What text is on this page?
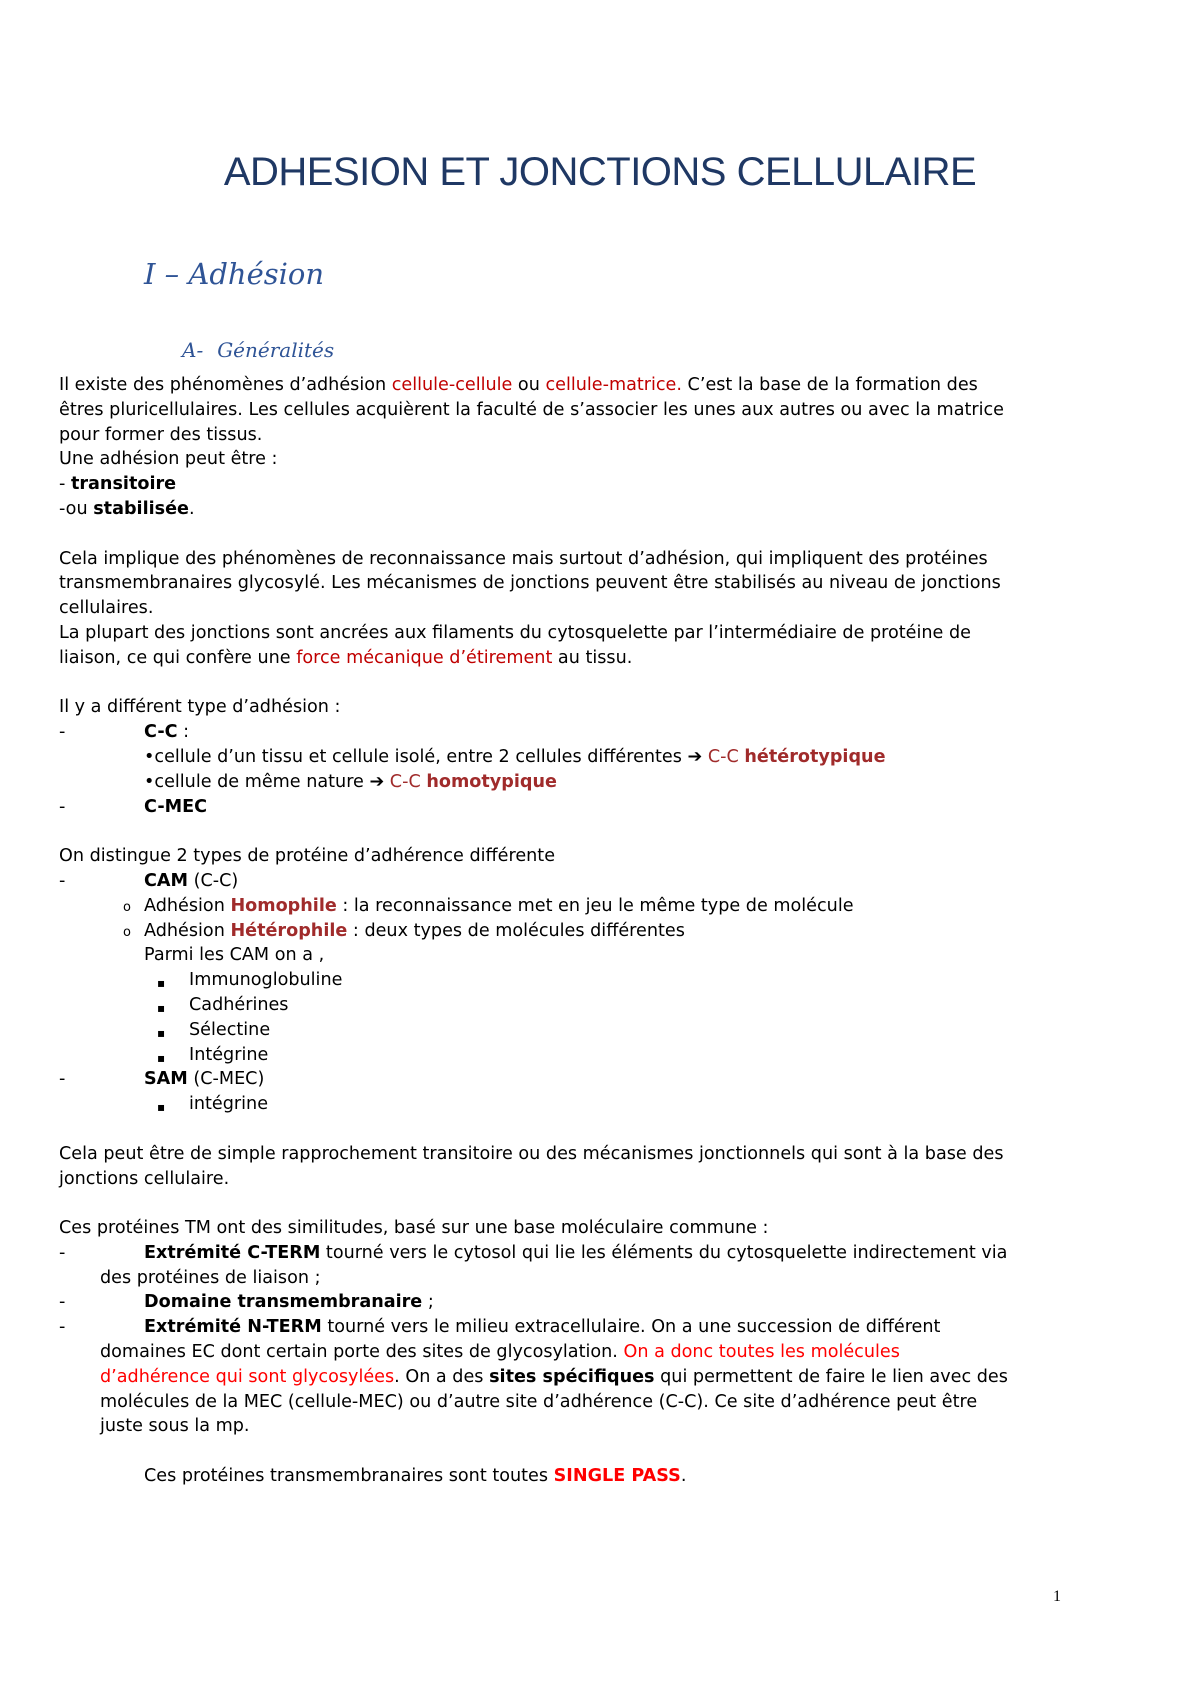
ADHESION ET JONCTIONS CELLULAIRE
I – Adhésion
A- Généralités
Il existe des phénomènes d’adhésion cellule-cellule ou cellule-matrice. C’est la base de la formation des
êtres pluricellulaires. Les cellules acquièrent la faculté de s’associer les unes aux autres ou avec la matrice
pour former des tissus.
Une adhésion peut être :
- transitoire
-ou stabilisée.
Cela implique des phénomènes de reconnaissance mais surtout d’adhésion, qui impliquent des protéines
transmembranaires glycosylé. Les mécanismes de jonctions peuvent être stabilisés au niveau de jonctions
cellulaires.
La plupart des jonctions sont ancrées aux filaments du cytosquelette par l’intermédiaire de protéine de
liaison, ce qui confère une force mécanique d’étirement au tissu.
Il y a différent type d’adhésion :
-	C-C :
•cellule d’un tissu et cellule isolé, entre 2 cellules différentes ➔ C-C hétérotypique
•cellule de même nature ➔ C-C homotypique
-	C-MEC
On distingue 2 types de protéine d’adhérence différente
-	CAM (C-C)
o Adhésion Homophile : la reconnaissance met en jeu le même type de molécule
o Adhésion Hétérophile : deux types de molécules différentes
Parmi les CAM on a ,
▪ Immunoglobuline
▪ Cadhérines
▪ Sélectine
▪ Intégrine
-	SAM (C-MEC)
▪ intégrine
Cela peut être de simple rapprochement transitoire ou des mécanismes jonctionnels qui sont à la base des
jonctions cellulaire.
Ces protéines TM ont des similitudes, basé sur une base moléculaire commune :
-	Extrémité C-TERM tourné vers le cytosol qui lie les éléments du cytosquelette indirectement via
des protéines de liaison ;
-	Domaine transmembranaire ;
-	Extrémité N-TERM tourné vers le milieu extracellulaire. On a une succession de différent
domaines EC dont certain porte des sites de glycosylation. On a donc toutes les molécules
d’adhérence qui sont glycosylées. On a des sites spécifiques qui permettent de faire le lien avec des
molécules de la MEC (cellule-MEC) ou d’autre site d’adhérence (C-C). Ce site d’adhérence peut être
juste sous la mp.
Ces protéines transmembranaires sont toutes SINGLE PASS.
1
